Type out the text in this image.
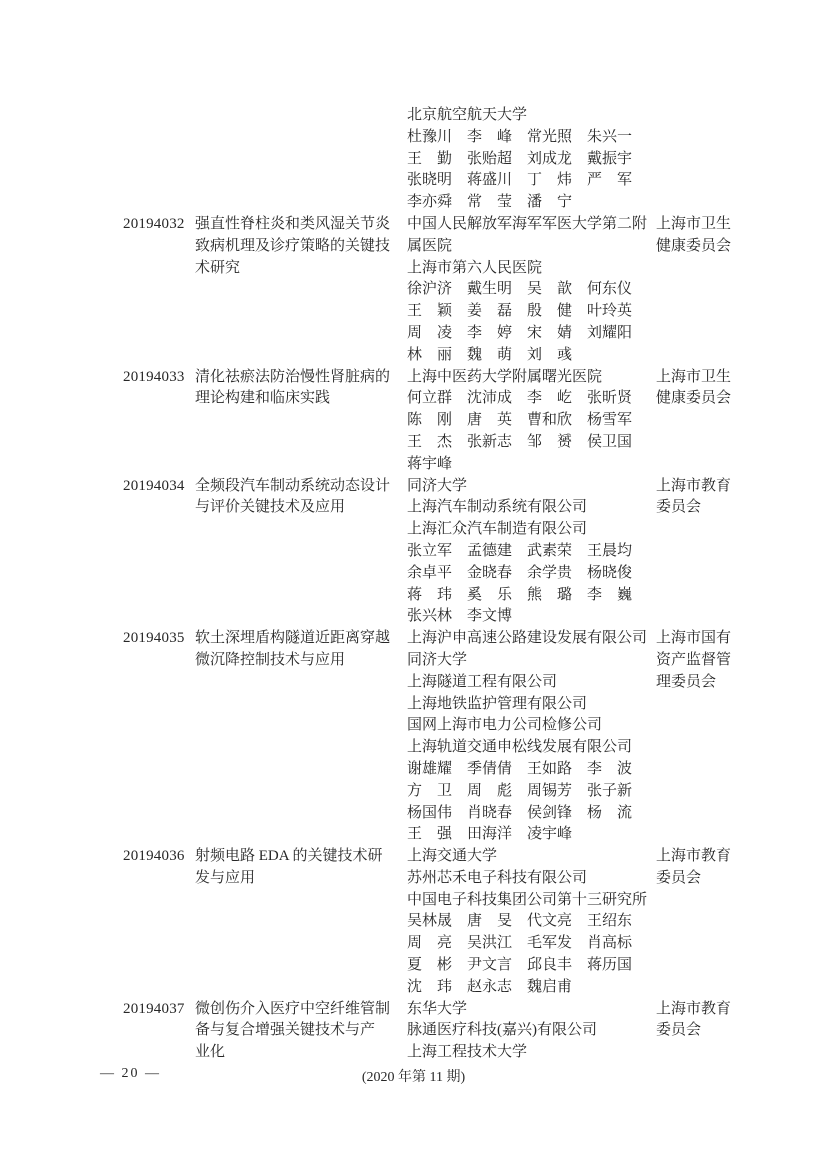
北京航空航天大学
杜豫川　李　峰　常光照　朱兴一
王　勤　张贻超　刘成龙　戴振宇
张晓明　蒋盛川　丁　炜　严　军
李亦舜　常　莹　潘　宁
20194032 强直性脊柱炎和类风湿关节炎
致病机理及诊疗策略的关键技
术研究
中国人民解放军海军军医大学第二附
属医院
上海市第六人民医院
徐沪济　戴生明　吴　歆　何东仪
王　颖　姜　磊　殷　健　叶玲英
周　凌　李　婷　宋　婧　刘耀阳
林　丽　魏　萌　刘　彧
上海市卫生
健康委员会
20194033 清化祛瘀法防治慢性肾脏病的
理论构建和临床实践
上海中医药大学附属曙光医院
何立群　沈沛成　李　屹　张昕贤
陈　刚　唐　英　曹和欣　杨雪军
王　杰　张新志　邹　赟　侯卫国
蒋宇峰
上海市卫生
健康委员会
20194034 全频段汽车制动系统动态设计
与评价关键技术及应用
同济大学
上海汽车制动系统有限公司
上海汇众汽车制造有限公司
张立军　孟德建　武素荣　王晨均
余卓平　金晓春　余学贵　杨晓俊
蒋　玮　奚　乐　熊　璐　李　巍
张兴林　李文博
上海市教育
委员会
20194035 软土深埋盾构隧道近距离穿越
微沉降控制技术与应用
上海沪申高速公路建设发展有限公司
同济大学
上海隧道工程有限公司
上海地铁监护管理有限公司
国网上海市电力公司检修公司
上海轨道交通申松线发展有限公司
谢雄耀　季倩倩　王如路　李　波
方　卫　周　彪　周锡芳　张子新
杨国伟　肖晓春　侯剑锋　杨　流
王　强　田海洋　凌宇峰
上海市国有
资产监督管
理委员会
20194036 射频电路 EDA 的关键技术研
发与应用
上海交通大学
苏州芯禾电子科技有限公司
中国电子科技集团公司第十三研究所
吴林晟　唐　旻　代文亮　王绍东
周　亮　吴洪江　毛军发　肖高标
夏　彬　尹文言　邱良丰　蒋历国
沈　玮　赵永志　魏启甫
上海市教育
委员会
20194037 微创伤介入医疗中空纤维管制
备与复合增强关键技术与产
业化
东华大学
脉通医疗科技(嘉兴)有限公司
上海工程技术大学
上海市教育
委员会
— 20 —	(2020 年第 11 期)
